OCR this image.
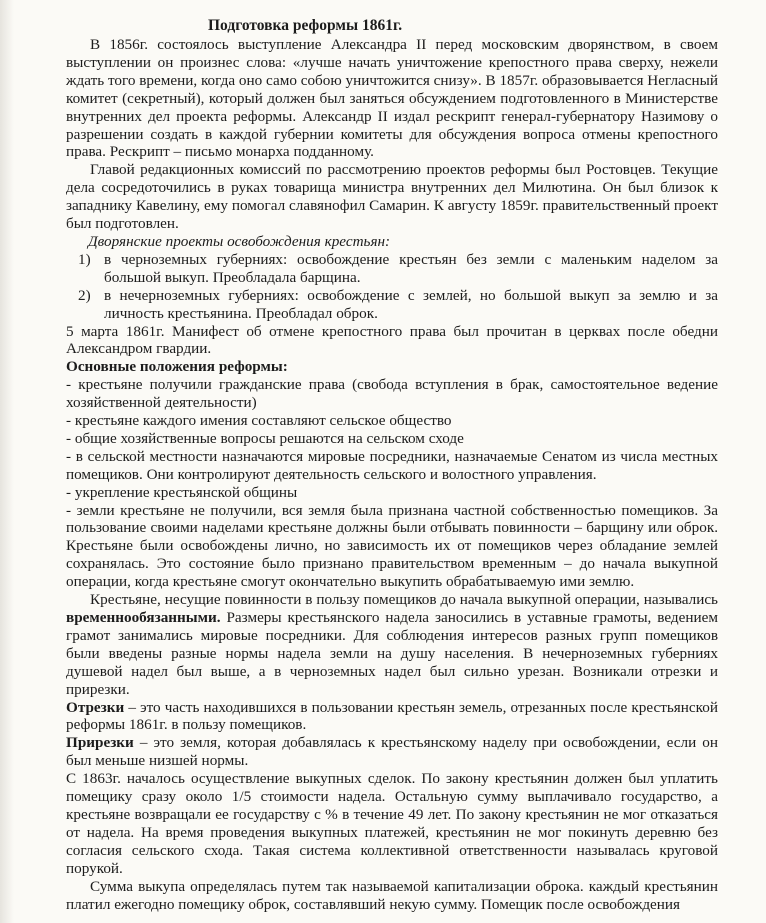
Подготовка реформы 1861г.

В 1856г. состоялось выступление Александра II перед московским дворянством, в своем выступлении он произнес слова: «лучше начать уничтожение крепостного права сверху, нежели ждать того времени, когда оно само собою уничтожится снизу». В 1857г. образовывается Негласный комитет (секретный), который должен был заняться обсуждением подготовленного в Министерстве внутренних дел проекта реформы. Александр II издал рескрипт генерал-губернатору Назимову о разрешении создать в каждой губернии комитеты для обсуждения вопроса отмены крепостного права. Рескрипт – письмо монарха подданному.

Главой редакционных комиссий по рассмотрению проектов реформы был Ростовцев. Текущие дела сосредоточились в руках товарища министра внутренних дел Милютина. Он был близок к западнику Кавелину, ему помогал славянофил Самарин. К августу 1859г. правительственный проект был подготовлен.

Дворянские проекты освобождения крестьян:

1) в черноземных губерниях: освобождение крестьян без земли с маленьким наделом за большой выкуп. Преобладала барщина.
2) в нечерноземных губерниях: освобождение с землей, но большой выкуп за землю и за личность крестьянина. Преобладал оброк.

5 марта 1861г. Манифест об отмене крепостного права был прочитан в церквах после обедни Александром гвардии.

Основные положения реформы:

- крестьяне получили гражданские права (свобода вступления в брак, самостоятельное ведение хозяйственной деятельности)

- крестьяне каждого имения составляют сельское общество

- общие хозяйственные вопросы решаются на сельском сходе

- в сельской местности назначаются мировые посредники, назначаемые Сенатом из числа местных помещиков. Они контролируют деятельность сельского и волостного управления.

- укрепление крестьянской общины

- земли крестьяне не получили, вся земля была признана частной собственностью помещиков. За пользование своими наделами крестьяне должны были отбывать повинности – барщину или оброк. Крестьяне были освобождены лично, но зависимость их от помещиков через обладание землей сохранялась. Это состояние было признано правительством временным – до начала выкупной операции, когда крестьяне смогут окончательно выкупить обрабатываемую ими землю.

Крестьяне, несущие повинности в пользу помещиков до начала выкупной операции, назывались временнообязанными. Размеры крестьянского надела заносились в уставные грамоты, ведением грамот занимались мировые посредники. Для соблюдения интересов разных групп помещиков были введены разные нормы надела земли на душу населения. В нечерноземных губерниях душевой надел был выше, а в черноземных надел был сильно урезан. Возникали отрезки и прирезки.

Отрезки – это часть находившихся в пользовании крестьян земель, отрезанных после крестьянской реформы 1861г. в пользу помещиков.

Прирезки – это земля, которая добавлялась к крестьянскому наделу при освобождении, если он был меньше низшей нормы.

С 1863г. началось осуществление выкупных сделок. По закону крестьянин должен был уплатить помещику сразу около 1/5 стоимости надела. Остальную сумму выплачивало государство, а крестьяне возвращали ее государству с % в течение 49 лет. По закону крестьянин не мог отказаться от надела. На время проведения выкупных платежей, крестьянин не мог покинуть деревню без согласия сельского схода. Такая система коллективной ответственности называлась круговой порукой.

Сумма выкупа определялась путем так называемой капитализации оброка. каждый крестьянин платил ежегодно помещику оброк, составлявший некую сумму. Помещик после освобождения
